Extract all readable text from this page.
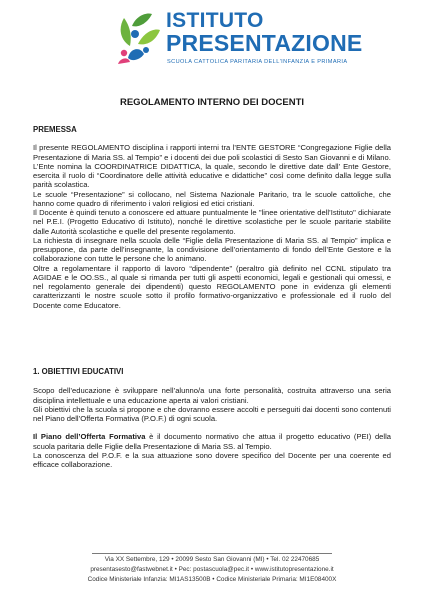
ISTITUTO
PRESENTAZIONE
SCUOLA CATTOLICA PARITARIA DELL'INFANZIA E PRIMARIA
REGOLAMENTO INTERNO DEI DOCENTI
PREMESSA

Il presente REGOLAMENTO disciplina i rapporti interni tra l’ENTE GESTORE “Congregazione Figlie della Presentazione di Maria SS. al Tempio” e i docenti dei due poli scolastici di Sesto San Giovanni e di Milano.

L’Ente nomina la COORDINATRICE DIDATTICA, la quale, secondo le direttive date dall’ Ente Gestore, esercita il ruolo di “Coordinatore delle attività educative e didattiche” così come definito dalla legge sulla parità scolastica.

Le scuole “Presentazione” si collocano, nel Sistema Nazionale Paritario, tra le scuole cattoliche, che hanno come quadro di riferimento i valori religiosi ed etici cristiani.

Il Docente è quindi tenuto a conoscere ed attuare puntualmente le "linee orientative dell’Istituto" dichiarate nel P.E.I. (Progetto Educativo di Istituto), nonché le direttive scolastiche per le scuole paritarie stabilite dalle Autorità scolastiche e quelle del presente regolamento.

La richiesta di insegnare nella scuola delle “Figlie della Presentazione di Maria SS. al Tempio” implica e presuppone, da parte dell’insegnante, la condivisione dell’orientamento di fondo dell’Ente Gestore e la collaborazione con tutte le persone che lo animano.

Oltre a regolamentare il rapporto di lavoro “dipendente” (peraltro già definito nel CCNL stipulato tra AGIDAE e le OO.SS., al quale si rimanda per tutti gli aspetti economici, legali e gestionali qui omessi, e nel regolamento generale dei dipendenti) questo REGOLAMENTO pone in evidenza gli elementi caratterizzanti le nostre scuole sotto il profilo formativo-organizzativo e professionale ed il ruolo del Docente come Educatore.

1. OBIETTIVI EDUCATIVI

Scopo dell’educazione è sviluppare nell’alunno/a una forte personalità, costruita attraverso una seria disciplina intellettuale e una educazione aperta ai valori cristiani.

Gli obiettivi che la scuola si propone e che dovranno essere accolti e perseguiti dai docenti sono contenuti nel Piano dell’Offerta Formativa (P.O.F.) di ogni scuola.

Il Piano dell’Offerta Formativa è il documento normativo che attua il progetto educativo (PEI) della scuola paritaria delle Figlie della Presentazione di Maria SS. al Tempio.

La conoscenza del P.O.F. e la sua attuazione sono dovere specifico del Docente per una coerente ed efficace collaborazione.

Via XX Settembre, 129 • 20099 Sesto San Giovanni (MI) • Tel. 02 22470685
presentasesto@fastwebnet.it • Pec: postascuola@pec.it • www.istitutopresentazione.it
Codice Ministeriale Infanzia: MI1AS13500B • Codice Ministeriale Primaria: MI1E08400X
